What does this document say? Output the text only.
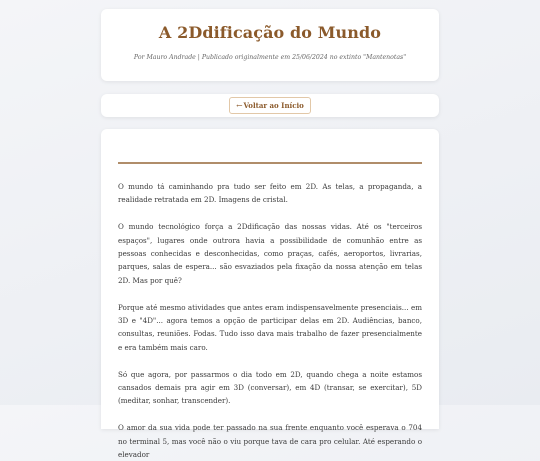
A 2Ddificação do Mundo
Por Mauro Andrade | Publicado originalmente em 25/06/2024 no extinto "Mantenotas"
← Voltar ao Início

O mundo tá caminhando pra tudo ser feito em 2D. As telas, a propaganda, a realidade retratada em 2D. Imagens de cristal.

O mundo tecnológico força a 2Ddificação das nossas vidas. Até os "terceiros espaços", lugares onde outrora havia a possibilidade de comunhão entre as pessoas conhecidas e desconhecidas, como praças, cafés, aeroportos, livrarias, parques, salas de espera... são esvaziados pela fixação da nossa atenção em telas 2D. Mas por quê?

Porque até mesmo atividades que antes eram indispensavelmente presenciais... em 3D e "4D"... agora temos a opção de participar delas em 2D. Audiências, banco, consultas, reuniões. Fodas. Tudo isso dava mais trabalho de fazer presencialmente e era também mais caro.

Só que agora, por passarmos o dia todo em 2D, quando chega a noite estamos cansados demais pra agir em 3D (conversar), em 4D (transar, se exercitar), 5D (meditar, sonhar, transcender).

O amor da sua vida pode ter passado na sua frente enquanto você esperava o 704 no terminal 5, mas você não o viu porque tava de cara pro celular. Até esperando o elevador
